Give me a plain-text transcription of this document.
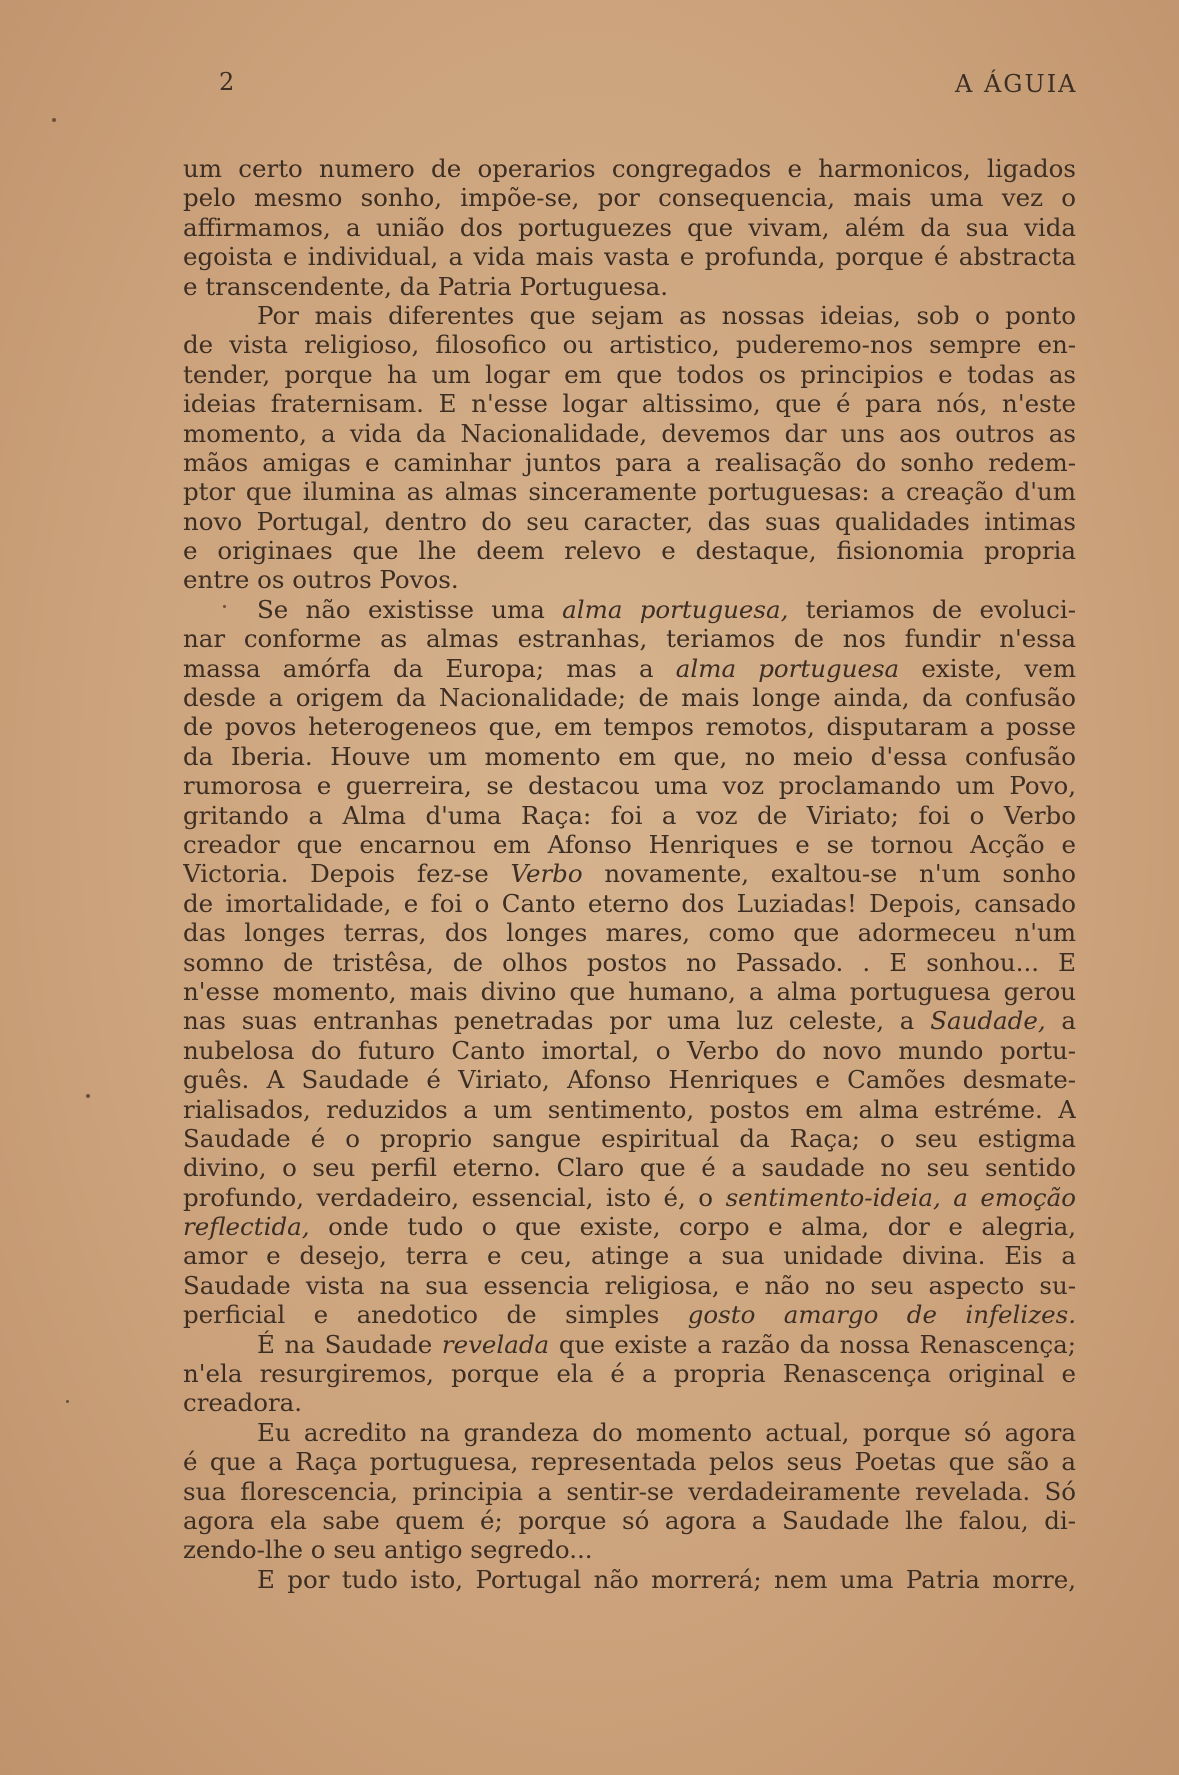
2	A ÁGUIA
um certo numero de operarios congregados e harmonicos, ligados
pelo mesmo sonho, impõe-se, por consequencia, mais uma vez o
affirmamos, a união dos portuguezes que vivam, além da sua vida
egoista e individual, a vida mais vasta e profunda, porque é abstracta
e transcendente, da Patria Portuguesa.
Por mais diferentes que sejam as nossas ideias, sob o ponto
de vista religioso, filosofico ou artistico, puderemo-nos sempre en-
tender, porque ha um logar em que todos os principios e todas as
ideias fraternisam. E n'esse logar altissimo, que é para nós, n'este
momento, a vida da Nacionalidade, devemos dar uns aos outros as
mãos amigas e caminhar juntos para a realisação do sonho redem-
ptor que ilumina as almas sinceramente portuguesas: a creação d'um
novo Portugal, dentro do seu caracter, das suas qualidades intimas
e originaes que lhe deem relevo e destaque, fisionomia propria
entre os outros Povos.
Se não existisse uma alma portuguesa, teriamos de evoluci-
nar conforme as almas estranhas, teriamos de nos fundir n'essa
massa amórfa da Europa; mas a alma portuguesa existe, vem
desde a origem da Nacionalidade; de mais longe ainda, da confusão
de povos heterogeneos que, em tempos remotos, disputaram a posse
da Iberia. Houve um momento em que, no meio d'essa confusão
rumorosa e guerreira, se destacou uma voz proclamando um Povo,
gritando a Alma d'uma Raça: foi a voz de Viriato; foi o Verbo
creador que encarnou em Afonso Henriques e se tornou Acção e
Victoria. Depois fez-se Verbo novamente, exaltou-se n'um sonho
de imortalidade, e foi o Canto eterno dos Luziadas! Depois, cansado
das longes terras, dos longes mares, como que adormeceu n'um
somno de tristêsa, de olhos postos no Passado. . E sonhou... E
n'esse momento, mais divino que humano, a alma portuguesa gerou
nas suas entranhas penetradas por uma luz celeste, a Saudade, a
nubelosa do futuro Canto imortal, o Verbo do novo mundo portu-
guês. A Saudade é Viriato, Afonso Henriques e Camões desmate-
rialisados, reduzidos a um sentimento, postos em alma estréme. A
Saudade é o proprio sangue espiritual da Raça; o seu estigma
divino, o seu perfil eterno. Claro que é a saudade no seu sentido
profundo, verdadeiro, essencial, isto é, o sentimento-ideia, a emoção
reflectida, onde tudo o que existe, corpo e alma, dor e alegria,
amor e desejo, terra e ceu, atinge a sua unidade divina. Eis a
Saudade vista na sua essencia religiosa, e não no seu aspecto su-
perficial e anedotico de simples gosto amargo de infelizes.
É na Saudade revelada que existe a razão da nossa Renascença;
n'ela resurgiremos, porque ela é a propria Renascença original e
creadora.
Eu acredito na grandeza do momento actual, porque só agora
é que a Raça portuguesa, representada pelos seus Poetas que são a
sua florescencia, principia a sentir-se verdadeiramente revelada. Só
agora ela sabe quem é; porque só agora a Saudade lhe falou, di-
zendo-lhe o seu antigo segredo...
E por tudo isto, Portugal não morrerá; nem uma Patria morre,
